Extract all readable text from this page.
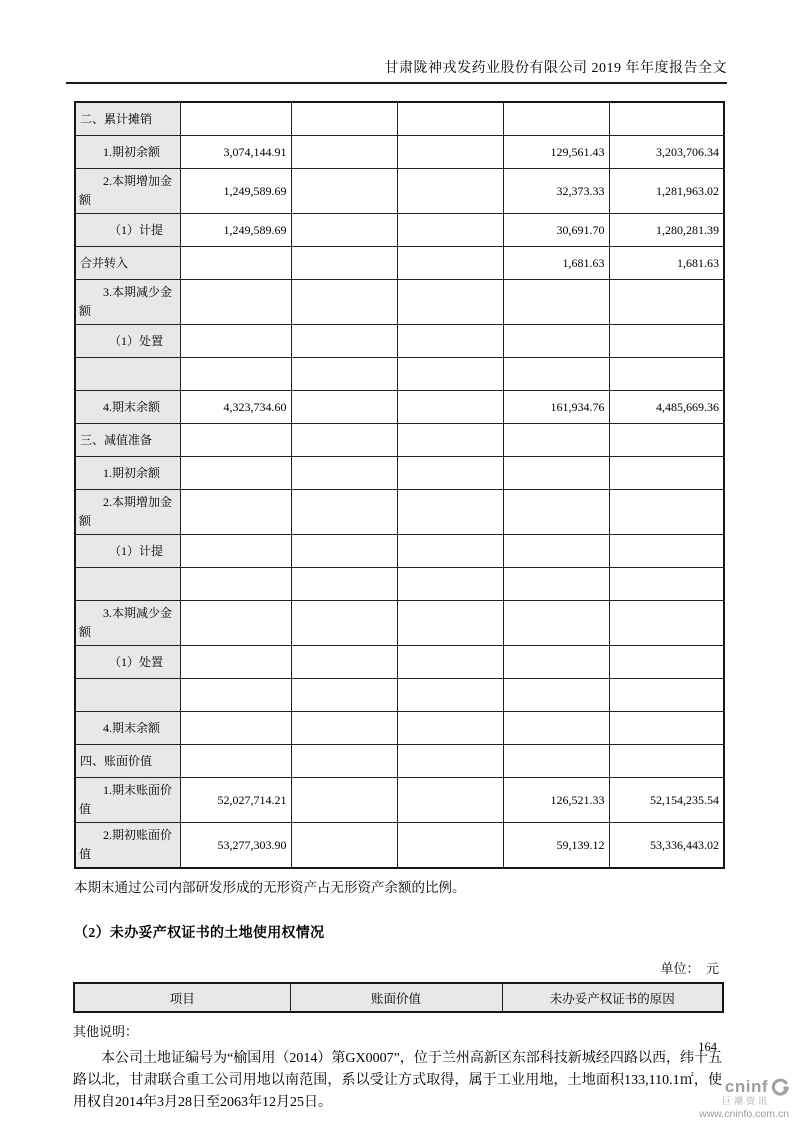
甘肃陇神戎发药业股份有限公司 2019 年年度报告全文
二、累计摊销					
1.期初余额	3,074,144.91			129,561.43	3,203,706.34
2.本期增加金额	1,249,589.69			32,373.33	1,281,963.02
（1）计提	1,249,589.69			30,691.70	1,280,281.39
合并转入				1,681.63	1,681.63
3.本期减少金额					
（1）处置					

4.期末余额	4,323,734.60			161,934.76	4,485,669.36
三、减值准备					
1.期初余额					
2.本期增加金额					
（1）计提					

3.本期减少金额					
（1）处置					

4.期末余额					
四、账面价值					
1.期末账面价值	52,027,714.21			126,521.33	52,154,235.54
2.期初账面价值	53,277,303.90			59,139.12	53,336,443.02
本期末通过公司内部研发形成的无形资产占无形资产余额的比例。
（2）未办妥产权证书的土地使用权情况
单位：　元
项目	账面价值	未办妥产权证书的原因
其他说明：
本公司土地证编号为“榆国用（2014）第GX0007”，位于兰州高新区东部科技新城经四路以西，纬十五路以北，甘肃联合重工公司用地以南范围，系以受让方式取得，属于工业用地，土地面积133,110.1㎡，使用权自2014年3月28日至2063年12月25日。
164
cninf
巨潮资讯
www.cninfo.com.cn
